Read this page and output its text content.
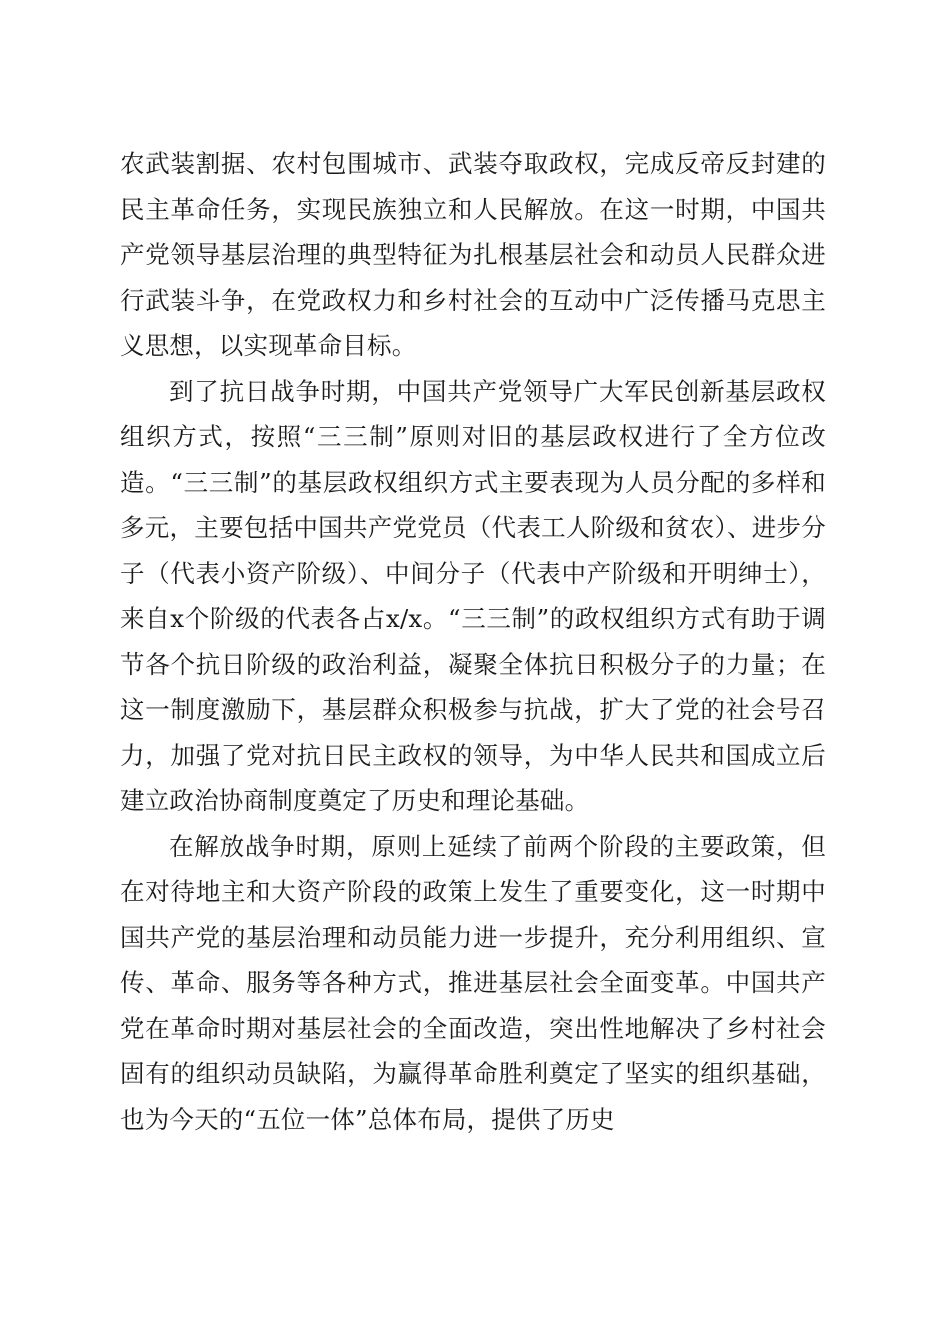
农武装割据、农村包围城市、武装夺取政权，完成反帝反封建的民主革命任务，实现民族独立和人民解放。在这一时期，中国共产党领导基层治理的典型特征为扎根基层社会和动员人民群众进行武装斗争，在党政权力和乡村社会的互动中广泛传播马克思主义思想，以实现革命目标。

到了抗日战争时期，中国共产党领导广大军民创新基层政权组织方式，按照“三三制”原则对旧的基层政权进行了全方位改造。“三三制”的基层政权组织方式主要表现为人员分配的多样和多元，主要包括中国共产党党员（代表工人阶级和贫农）、进步分子（代表小资产阶级）、中间分子（代表中产阶级和开明绅士），来自x个阶级的代表各占x/x。“三三制”的政权组织方式有助于调节各个抗日阶级的政治利益，凝聚全体抗日积极分子的力量；在这一制度激励下，基层群众积极参与抗战，扩大了党的社会号召力，加强了党对抗日民主政权的领导，为中华人民共和国成立后建立政治协商制度奠定了历史和理论基础。

在解放战争时期，原则上延续了前两个阶段的主要政策，但在对待地主和大资产阶段的政策上发生了重要变化，这一时期中国共产党的基层治理和动员能力进一步提升，充分利用组织、宣传、革命、服务等各种方式，推进基层社会全面变革。中国共产党在革命时期对基层社会的全面改造，突出性地解决了乡村社会固有的组织动员缺陷，为赢得革命胜利奠定了坚实的组织基础，也为今天的“五位一体”总体布局，提供了历史
